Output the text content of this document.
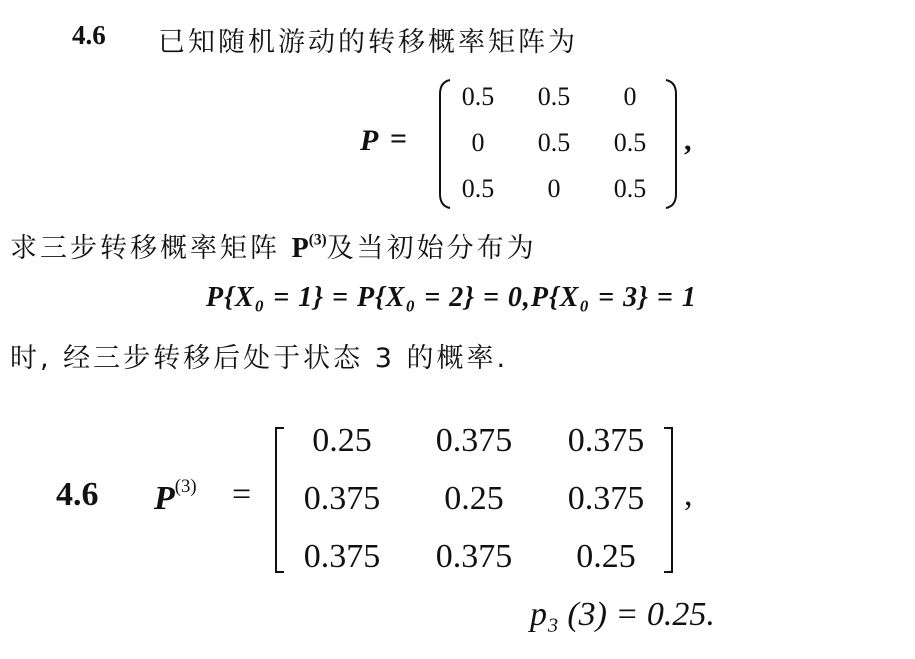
4.6 已知随机游动的转移概率矩阵为
P =
0.5	0.5	0
0	0.5	0.5
0.5	0	0.5
,
求三步转移概率矩阵 $P^{(3)}$及当初始分布为
P{X₀ = 1} = P{X₀ = 2} = 0,P{X₀ = 3} = 1
时, 经三步转移后处于状态 3 的概率.
4.6 $P^{(3)}$ =
0.25	0.375	0.375
0.375	0.25	0.375
0.375	0.375	0.25
,
p₃ (3) = 0.25.
